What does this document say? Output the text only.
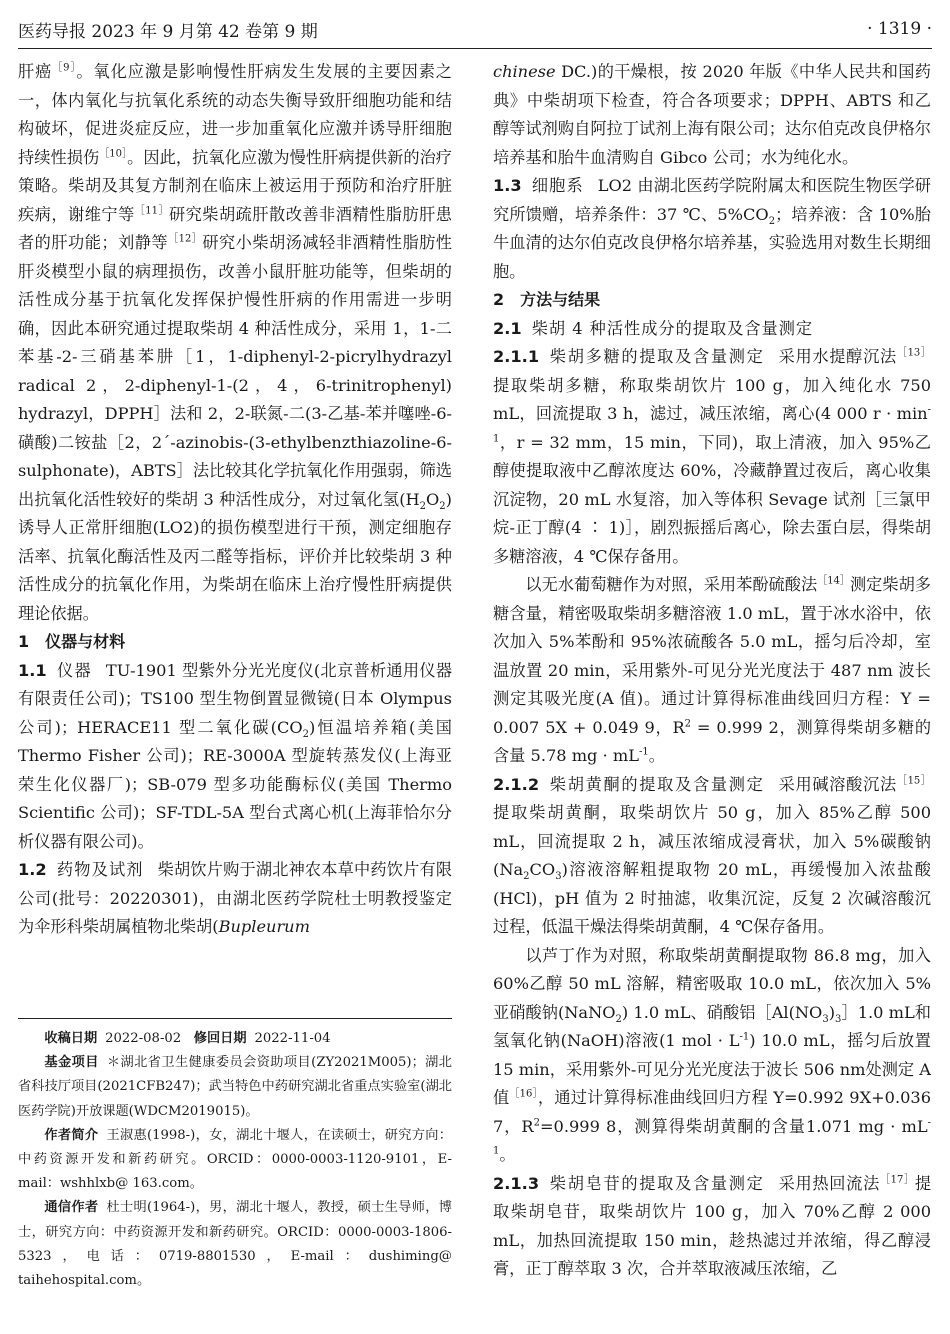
医药导报 2023 年 9 月第 42 卷第 9 期	· 1319 ·

肝癌$^{[9]}$。氧化应激是影响慢性肝病发生发展的主要因素之一，体内氧化与抗氧化系统的动态失衡导致肝细胞功能和结构破坏，促进炎症反应，进一步加重氧化应激并诱导肝细胞持续性损伤$^{[10]}$。因此，抗氧化应激为慢性肝病提供新的治疗策略。柴胡及其复方制剂在临床上被运用于预防和治疗肝脏疾病，谢维宁等$^{[11]}$研究柴胡疏肝散改善非酒精性脂肪肝患者的肝功能；刘静等$^{[12]}$研究小柴胡汤减轻非酒精性脂肪性肝炎模型小鼠的病理损伤，改善小鼠肝脏功能等，但柴胡的活性成分基于抗氧化发挥保护慢性肝病的作用需进一步明确，因此本研究通过提取柴胡 4 种活性成分，采用 1，1-二苯基-2-三硝基苯肼［1，1-diphenyl-2-picrylhydrazyl radical 2，2-diphenyl-1-(2，4，6-trinitrophenyl) hydrazyl，DPPH］法和 2，2-联氮-二(3-乙基-苯并噻唑-6-磺酸)二铵盐［2，2´-azinobis-(3-ethylbenzthiazoline-6-sulphonate)，ABTS］法比较其化学抗氧化作用强弱，筛选出抗氧化活性较好的柴胡 3 种活性成分，对过氧化氢$(H_2O_2)$诱导人正常肝细胞(LO2)的损伤模型进行干预，测定细胞存活率、抗氧化酶活性及丙二醛等指标，评价并比较柴胡 3 种活性成分的抗氧化作用，为柴胡在临床上治疗慢性肝病提供理论依据。

1　仪器与材料

1.1 仪器 TU-1901 型紫外分光光度仪(北京普析通用仪器有限责任公司)；TS100 型生物倒置显微镜(日本 Olympus 公司)；HERACE11 型二氧化碳$(CO_2)$恒温培养箱(美国 Thermo Fisher 公司)；RE-3000A 型旋转蒸发仪(上海亚荣生化仪器厂)；SB-079 型多功能酶标仪(美国 Thermo Scientific 公司)；SF-TDL-5A 型台式离心机(上海菲恰尔分析仪器有限公司)。

1.2 药物及试剂 柴胡饮片购于湖北神农本草中药饮片有限公司(批号：20220301)，由湖北医药学院杜士明教授鉴定为伞形科柴胡属植物北柴胡(Bupleurum

收稿日期 2022-08-02 修回日期 2022-11-04

基金项目 ＊湖北省卫生健康委员会资助项目(ZY2021M005)；湖北省科技厅项目(2021CFB247)；武当特色中药研究湖北省重点实验室(湖北医药学院)开放课题(WDCM2019015)。

作者简介 王淑惠(1998-)，女，湖北十堰人，在读硕士，研究方向：中药资源开发和新药研究。ORCID：0000-0003-1120-9101，E-mail：wshhlxb@ 163.com。

通信作者 杜士明(1964-)，男，湖北十堰人，教授，硕士生导师，博士，研究方向：中药资源开发和新药研究。ORCID：0000-0003-1806-5323，电话：0719-8801530，E-mail：dushiming@ taihehospital.com。

chinese DC.)的干燥根，按 2020 年版《中华人民共和国药典》中柴胡项下检查，符合各项要求；DPPH、ABTS 和乙醇等试剂购自阿拉丁试剂上海有限公司；达尔伯克改良伊格尔培养基和胎牛血清购自 Gibco 公司；水为纯化水。

1.3 细胞系 LO2 由湖北医药学院附属太和医院生物医学研究所馈赠，培养条件：37 ℃、$5\%CO_2$；培养液：含 10%胎牛血清的达尔伯克改良伊格尔培养基，实验选用对数生长期细胞。

2　方法与结果

2.1 柴胡 4 种活性成分的提取及含量测定

2.1.1 柴胡多糖的提取及含量测定 采用水提醇沉法$^{[13]}$提取柴胡多糖，称取柴胡饮片 100 g，加入纯化水 750 mL，回流提取 3 h，滤过，减压浓缩，离心(4 000 $r \cdot \min^{-1}$，r = 32 mm，15 min，下同)，取上清液，加入 95%乙醇使提取液中乙醇浓度达 60%，冷藏静置过夜后，离心收集沉淀物，20 mL 水复溶，加入等体积 Sevage 试剂［三氯甲烷-正丁醇(4 ∶ 1)］，剧烈振摇后离心，除去蛋白层，得柴胡多糖溶液，4 ℃保存备用。

以无水葡萄糖作为对照，采用苯酚硫酸法$^{[14]}$测定柴胡多糖含量，精密吸取柴胡多糖溶液 1.0 mL，置于冰水浴中，依次加入 5%苯酚和 95%浓硫酸各 5.0 mL，摇匀后冷却，室温放置 20 min，采用紫外-可见分光光度法于 487 nm 波长测定其吸光度(A 值)。通过计算得标准曲线回归方程：Y = 0.007 5X + 0.049 9，$R^2 = 0.999$ 2，测算得柴胡多糖的含量 5.78 mg · $mL^{-1}$。

2.1.2 柴胡黄酮的提取及含量测定 采用碱溶酸沉法$^{[15]}$提取柴胡黄酮，取柴胡饮片 50 g，加入 85%乙醇 500 mL，回流提取 2 h，减压浓缩成浸膏状，加入 5%碳酸钠$(Na_2CO_3)$溶液溶解粗提取物 20 mL，再缓慢加入浓盐酸(HCl)，pH 值为 2 时抽滤，收集沉淀，反复 2 次碱溶酸沉过程，低温干燥法得柴胡黄酮，4 ℃保存备用。

以芦丁作为对照，称取柴胡黄酮提取物 86.8 mg，加入 60%乙醇 50 mL 溶解，精密吸取 10.0 mL，依次加入 5%亚硝酸钠(NaNO$_2$) 1.0 mL、硝酸铝$[Al(NO_3)_3]1.0$ mL和氢氧化钠(NaOH)溶液(1 mol · $L^{-1}$) 10.0 mL，摇匀后放置15 min，采用紫外-可见分光光度法于波长 506 nm处测定 A 值$^{[16]}$，通过计算得标准曲线回归方程 Y=0.992 9X+0.036 7，$R^2=0.999$ 8，测算得柴胡黄酮的含量1.071 mg · $mL^{-1}$。

2.1.3 柴胡皂苷的提取及含量测定 采用热回流法$^{[17]}$提取柴胡皂苷，取柴胡饮片 100 g，加入 70%乙醇 2 000 mL，加热回流提取 150 min，趁热滤过并浓缩，得乙醇浸膏，正丁醇萃取 3 次，合并萃取液减压浓缩，乙
